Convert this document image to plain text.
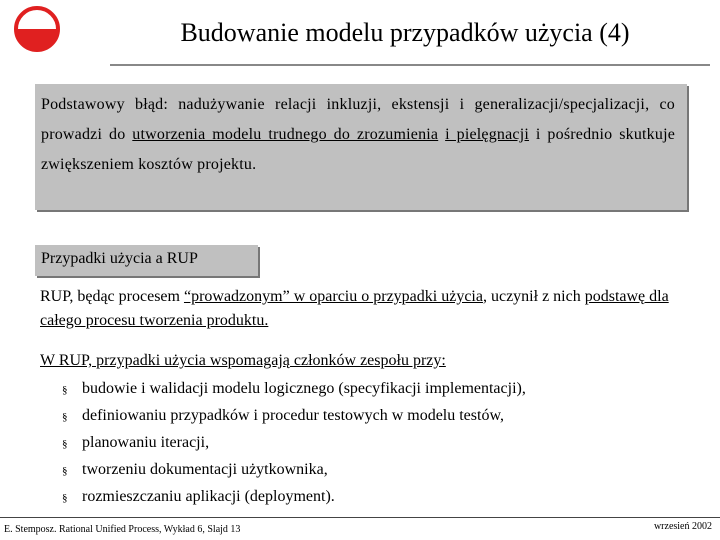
Budowanie modelu przypadków użycia (4)
Podstawowy błąd: nadużywanie relacji inkluzji, ekstensji i generalizacji/specjalizacji, co prowadzi do utworzenia modelu trudnego do zrozumienia i pielęgnacji i pośrednio skutkuje zwiększeniem kosztów projektu.
Przypadki użycia a RUP
RUP, będąc procesem “prowadzonym” w oparciu o przypadki użycia, uczynił z nich podstawę dla całego procesu tworzenia produktu.
W RUP, przypadki użycia wspomagają członków zespołu przy:
§ budowie i walidacji modelu logicznego (specyfikacji implementacji),
§ definiowaniu przypadków i procedur testowych w modelu testów,
§ planowaniu iteracji,
§ tworzeniu dokumentacji użytkownika,
§ rozmieszczaniu aplikacji (deployment).
E. Stemposz. Rational Unified Process, Wykład 6, Slajd 13	wrzesień 2002
